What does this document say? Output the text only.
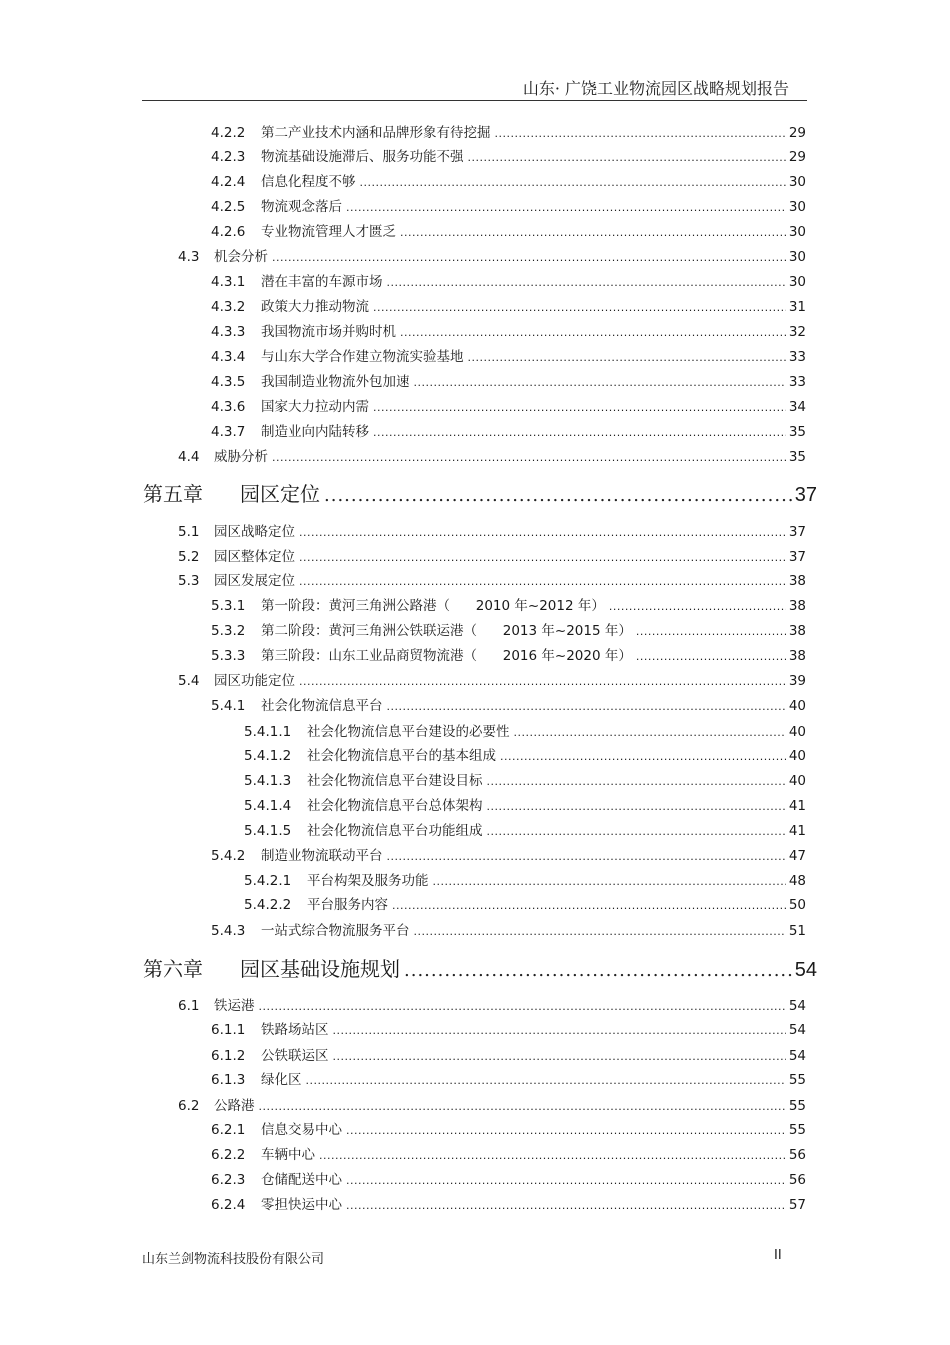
山东· 广饶工业物流园区战略规划报告
4.2.2	第二产业技术内涵和品牌形象有待挖掘 .....	29
4.2.3	物流基础设施滞后、服务功能不强 .....	29
4.2.4	信息化程度不够 .....	30
4.2.5	物流观念落后 .....	30
4.2.6	专业物流管理人才匮乏 .....	30
4.3	机会分析 .....	30
4.3.1	潜在丰富的车源市场 .....	30
4.3.2	政策大力推动物流 .....	31
4.3.3	我国物流市场并购时机 .....	32
4.3.4	与山东大学合作建立物流实验基地 .....	33
4.3.5	我国制造业物流外包加速 .....	33
4.3.6	国家大力拉动内需 .....	34
4.3.7	制造业向内陆转移 .....	35
4.4	威胁分析 .....	35
第五章	园区定位 .....	37
5.1	园区战略定位 .....	37
5.2	园区整体定位 .....	37
5.3	园区发展定位 .....	38
5.3.1	第一阶段：黄河三角洲公路港（      2010 年~2012 年） .....	38
5.3.2	第二阶段：黄河三角洲公铁联运港（      2013 年~2015 年） .....	38
5.3.3	第三阶段：山东工业品商贸物流港（      2016 年~2020 年） .....	38
5.4	园区功能定位 .....	39
5.4.1	社会化物流信息平台 .....	40
5.4.1.1	社会化物流信息平台建设的必要性 .....	40
5.4.1.2	社会化物流信息平台的基本组成 .....	40
5.4.1.3	社会化物流信息平台建设目标 .....	40
5.4.1.4	社会化物流信息平台总体架构 .....	41
5.4.1.5	社会化物流信息平台功能组成 .....	41
5.4.2	制造业物流联动平台 .....	47
5.4.2.1	平台构架及服务功能 .....	48
5.4.2.2	平台服务内容 .....	50
5.4.3	一站式综合物流服务平台 .....	51
第六章	园区基础设施规划 .....	54
6.1	铁运港 .....	54
6.1.1	铁路场站区 .....	54
6.1.2	公铁联运区 .....	54
6.1.3	绿化区 .....	55
6.2	公路港 .....	55
6.2.1	信息交易中心 .....	55
6.2.2	车辆中心 .....	56
6.2.3	仓储配送中心 .....	56
6.2.4	零担快运中心 .....	57
山东兰剑物流科技股份有限公司	II
